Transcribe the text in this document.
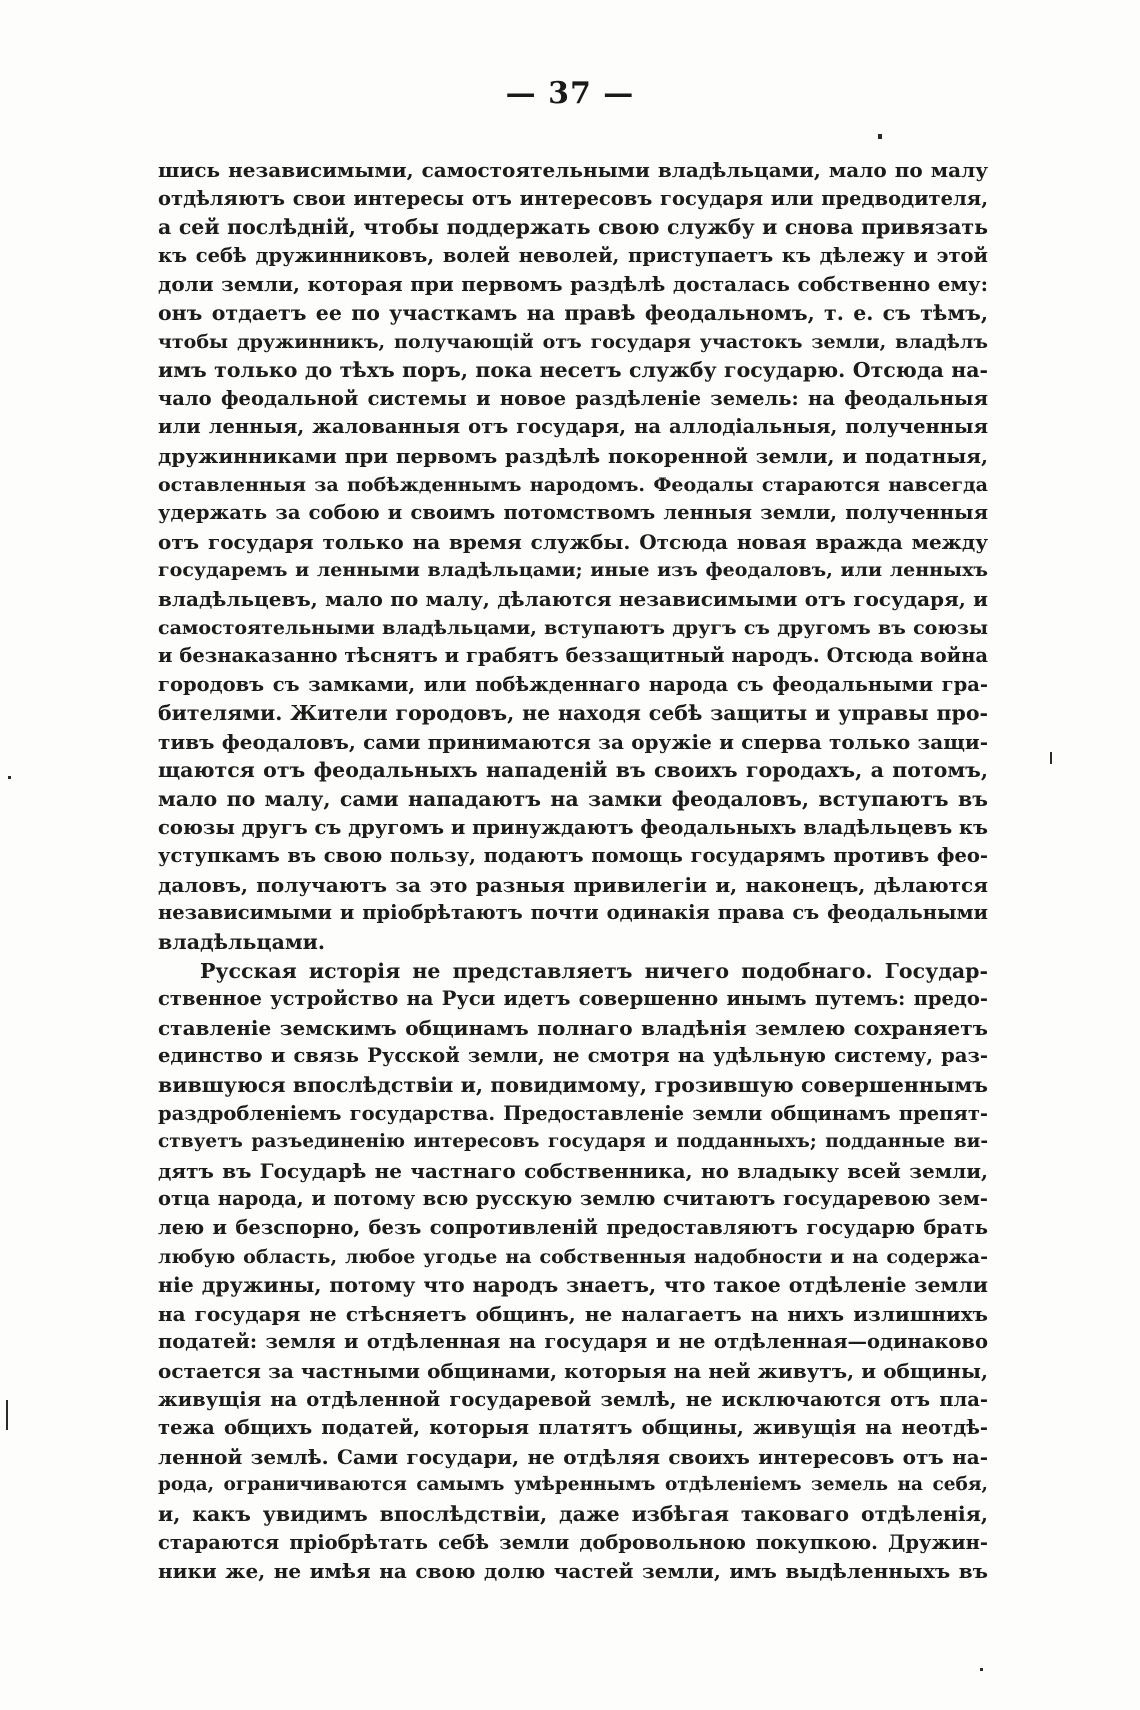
— 37 —
шись независимыми, самостоятельными владѣльцами, мало по малу
отдѣляютъ свои интересы отъ интересовъ государя или предводителя,
а сей послѣдній, чтобы поддержать свою службу и снова привязать
къ себѣ дружинниковъ, волей неволей, приступаетъ къ дѣлежу и этой
доли земли, которая при первомъ раздѣлѣ досталась собственно ему:
онъ отдаетъ ее по участкамъ на правѣ феодальномъ, т. е. съ тѣмъ,
чтобы дружинникъ, получающій отъ государя участокъ земли, владѣлъ
имъ только до тѣхъ поръ, пока несетъ службу государю. Отсюда на-
чало феодальной системы и новое раздѣленіе земель: на феодальныя
или ленныя, жалованныя отъ государя, на аллодіальныя, полученныя
дружинниками при первомъ раздѣлѣ покоренной земли, и податныя,
оставленныя за побѣжденнымъ народомъ. Феодалы стараются навсегда
удержать за собою и своимъ потомствомъ ленныя земли, полученныя
отъ государя только на время службы. Отсюда новая вражда между
государемъ и ленными владѣльцами; иные изъ феодаловъ, или ленныхъ
владѣльцевъ, мало по малу, дѣлаются независимыми отъ государя, и
самостоятельными владѣльцами, вступаютъ другъ съ другомъ въ союзы
и безнаказанно тѣснятъ и грабятъ беззащитный народъ. Отсюда война
городовъ съ замками, или побѣжденнаго народа съ феодальными гра-
бителями. Жители городовъ, не находя себѣ защиты и управы про-
тивъ феодаловъ, сами принимаются за оружіе и сперва только защи-
щаются отъ феодальныхъ нападеній въ своихъ городахъ, а потомъ,
мало по малу, сами нападаютъ на замки феодаловъ, вступаютъ въ
союзы другъ съ другомъ и принуждаютъ феодальныхъ владѣльцевъ къ
уступкамъ въ свою пользу, подаютъ помощь государямъ противъ фео-
даловъ, получаютъ за это разныя привилегіи и, наконецъ, дѣлаются
независимыми и пріобрѣтаютъ почти одинакія права съ феодальными
владѣльцами.
Русская исторія не представляетъ ничего подобнаго. Государ-
ственное устройство на Руси идетъ совершенно инымъ путемъ: предо-
ставленіе земскимъ общинамъ полнаго владѣнія землею сохраняетъ
единство и связь Русской земли, не смотря на удѣльную систему, раз-
вившуюся впослѣдствіи и, повидимому, грозившую совершеннымъ
раздробленіемъ государства. Предоставленіе земли общинамъ препят-
ствуетъ разъединенію интересовъ государя и подданныхъ; подданные ви-
дятъ въ Государѣ не частнаго собственника, но владыку всей земли,
отца народа, и потому всю русскую землю считаютъ государевою зем-
лею и безспорно, безъ сопротивленій предоставляютъ государю брать
любую область, любое угодье на собственныя надобности и на содержа-
ніе дружины, потому что народъ знаетъ, что такое отдѣленіе земли
на государя не стѣсняетъ общинъ, не налагаетъ на нихъ излишнихъ
податей: земля и отдѣленная на государя и не отдѣленная—одинаково
остается за частными общинами, которыя на ней живутъ, и общины,
живущія на отдѣленной государевой землѣ, не исключаются отъ пла-
тежа общихъ податей, которыя платятъ общины, живущія на неотдѣ-
ленной землѣ. Сами государи, не отдѣляя своихъ интересовъ отъ на-
рода, ограничиваются самымъ умѣреннымъ отдѣленіемъ земель на себя,
и, какъ увидимъ впослѣдствіи, даже избѣгая таковаго отдѣленія,
стараются пріобрѣтать себѣ земли добровольною покупкою. Дружин-
ники же, не имѣя на свою долю частей земли, имъ выдѣленныхъ въ
